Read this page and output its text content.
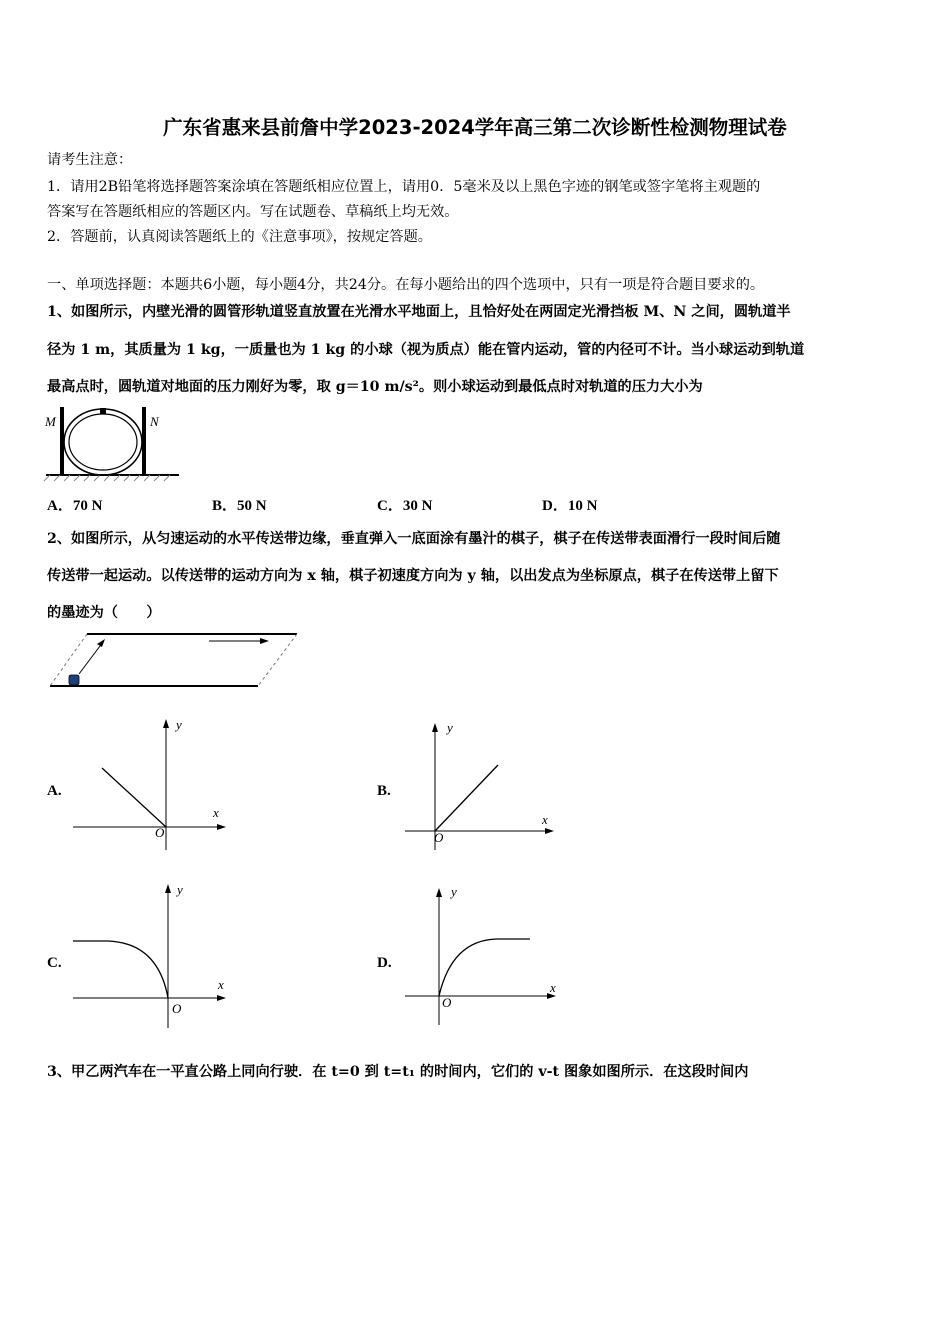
广东省惠来县前詹中学2023-2024学年高三第二次诊断性检测物理试卷
请考生注意：
1．请用2B铅笔将选择题答案涂填在答题纸相应位置上，请用0．5毫米及以上黑色字迹的钢笔或签字笔将主观题的
答案写在答题纸相应的答题区内。写在试题卷、草稿纸上均无效。
2．答题前，认真阅读答题纸上的《注意事项》，按规定答题。
一、单项选择题：本题共6小题，每小题4分，共24分。在每小题给出的四个选项中，只有一项是符合题目要求的。
1、如图所示，内壁光滑的圆管形轨道竖直放置在光滑水平地面上，且恰好处在两固定光滑挡板 M、N 之间，圆轨道半
径为 1 m，其质量为 1 kg，一质量也为 1 kg 的小球（视为质点）能在管内运动，管的内径可不计。当小球运动到轨道
最高点时，圆轨道对地面的压力刚好为零，取 g＝10 m/s²。则小球运动到最低点时对轨道的压力大小为
M	N
A．70 N	B．50 N	C．30 N	D．10 N
2、如图所示，从匀速运动的水平传送带边缘，垂直弹入一底面涂有墨汁的棋子，棋子在传送带表面滑行一段时间后随
传送带一起运动。以传送带的运动方向为 x 轴，棋子初速度方向为 y 轴，以出发点为坐标原点，棋子在传送带上留下
的墨迹为（　　）
A.
y
x
O
B.
y
x
O
C.
y
x
O
D.
y
x
O
3、甲乙两汽车在一平直公路上同向行驶．在 t=0 到 t=t₁ 的时间内，它们的 v-t 图象如图所示．在这段时间内
